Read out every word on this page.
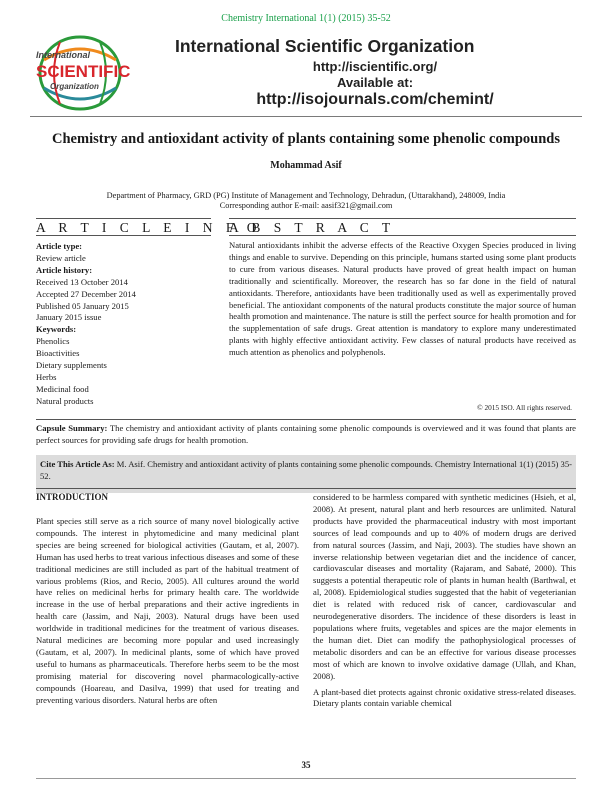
Chemistry International 1(1) (2015) 35-52
International
SCIENTIFIC
Organization
International Scientific Organization
http://iscientific.org/
Available at:
http://isojournals.com/chemint/
Chemistry and antioxidant activity of plants containing some phenolic compounds
Mohammad Asif
Department of Pharmacy, GRD (PG) Institute of Management and Technology, Dehradun, (Uttarakhand), 248009, India
Corresponding author E-mail: aasif321@gmail.com
A R T I C L E I N F O
A B S T R A C T
Article type:
Review article
Article history:
Received 13 October 2014
Accepted 27 December 2014
Published 05 January 2015
January 2015 issue
Keywords:
Phenolics
Bioactivities
Dietary supplements
Herbs
Medicinal food
Natural products
Natural antioxidants inhibit the adverse effects of the Reactive Oxygen Species produced in living things and enable to survive. Depending on this principle, humans started using some plant products to cure from various diseases. Natural products have proved of great health impact on human traditionally and scientifically. Moreover, the research has so far done in the field of natural antioxidants. Therefore, antioxidants have been traditionally used as well as experimentally proved beneficial. The antioxidant components of the natural products constitute the major source of human health promotion and maintenance. The nature is still the perfect source for health promotion and for the supplementation of safe drugs. Great attention is mandatory to explore many underestimated plants with highly effective antioxidant activity. Few classes of natural products have received as much attention as phenolics and polyphenols.
© 2015 ISO. All rights reserved.
Capsule Summary: The chemistry and antioxidant activity of plants containing some phenolic compounds is overviewed and it was found that plants are perfect sources for providing safe drugs for health promotion.
Cite This Article As: M. Asif. Chemistry and antioxidant activity of plants containing some phenolic compounds. Chemistry International 1(1) (2015) 35-52.
INTRODUCTION

Plant species still serve as a rich source of many novel biologically active compounds. The interest in phytomedicine and many medicinal plant species are being screened for biological activities (Gautam, et al, 2007). Human has used herbs to treat various infectious diseases and some of these traditional medicines are still included as part of the habitual treatment of various problems (Rios, and Recio, 2005). All cultures around the world have relies on medicinal herbs for primary health care. The worldwide increase in the use of herbal preparations and their active ingredients in health care (Jassim, and Naji, 2003). Natural drugs have been used worldwide in traditional medicines for the treatment of various diseases. Natural medicines are becoming more popular and used increasingly (Gautam, et al, 2007). In medicinal plants, some of which have proved useful to humans as pharmaceuticals. Therefore herbs seem to be the most promising material for discovering novel pharmacologically-active compounds (Hoareau, and Dasilva, 1999) that used for treating and preventing various disorders. Natural herbs are often

considered to be harmless compared with synthetic medicines (Hsieh, et al, 2008). At present, natural plant and herb resources are unlimited. Natural products have provided the pharmaceutical industry with most important sources of lead compounds and up to 40% of modern drugs are derived from natural sources (Jassim, and Naji, 2003). The studies have shown an inverse relationship between vegetarian diet and the incidence of cancer, cardiovascular diseases and mortality (Rajaram, and Sabaté, 2000). This suggests a potential therapeutic role of plants in human health (Barthwal, et al, 2008). Epidemiological studies suggested that the habit of vegeterianian diet is related with reduced risk of cancer, cardiovascular and neurodegenerative disorders. The incidence of these disorders is least in populations where fruits, vegetables and spices are the major elements in the human diet. Diet can modify the pathophysiological processes of metabolic disorders and can be an effective for various disease processes most of which are known to involve oxidative damage (Ullah, and Khan, 2008).

A plant-based diet protects against chronic oxidative stress-related diseases. Dietary plants contain variable chemical

35
